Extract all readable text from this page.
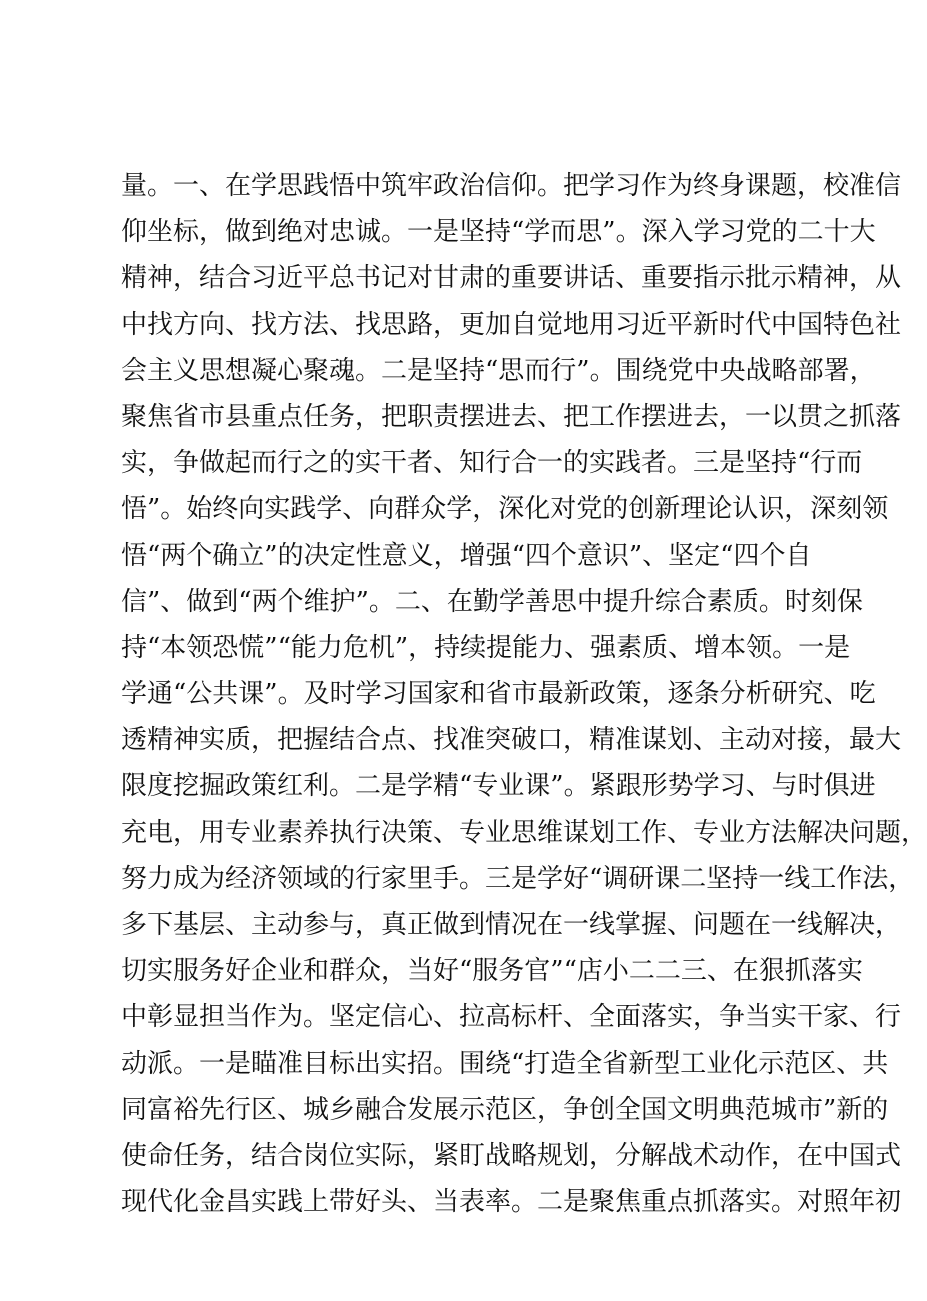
量。一、在学思践悟中筑牢政治信仰。把学习作为终身课题，校准信
仰坐标，做到绝对忠诚。一是坚持“学而思”。深入学习党的二十大
精神，结合习近平总书记对甘肃的重要讲话、重要指示批示精神，从
中找方向、找方法、找思路，更加自觉地用习近平新时代中国特色社
会主义思想凝心聚魂。二是坚持“思而行”。围绕党中央战略部署，
聚焦省市县重点任务，把职责摆进去、把工作摆进去，一以贯之抓落
实，争做起而行之的实干者、知行合一的实践者。三是坚持“行而
悟”。始终向实践学、向群众学，深化对党的创新理论认识，深刻领
悟“两个确立”的决定性意义，增强“四个意识”、坚定“四个自
信”、做到“两个维护”。二、在勤学善思中提升综合素质。时刻保
持“本领恐慌”“能力危机”，持续提能力、强素质、增本领。一是
学通“公共课”。及时学习国家和省市最新政策，逐条分析研究、吃
透精神实质，把握结合点、找准突破口，精准谋划、主动对接，最大
限度挖掘政策红利。二是学精“专业课”。紧跟形势学习、与时俱进
充电，用专业素养执行决策、专业思维谋划工作、专业方法解决问题，
努力成为经济领域的行家里手。三是学好“调研课二坚持一线工作法，
多下基层、主动参与，真正做到情况在一线掌握、问题在一线解决，
切实服务好企业和群众，当好“服务官”“店小二二三、在狠抓落实
中彰显担当作为。坚定信心、拉高标杆、全面落实，争当实干家、行
动派。一是瞄准目标出实招。围绕“打造全省新型工业化示范区、共
同富裕先行区、城乡融合发展示范区，争创全国文明典范城市”新的
使命任务，结合岗位实际，紧盯战略规划，分解战术动作，在中国式
现代化金昌实践上带好头、当表率。二是聚焦重点抓落实。对照年初
